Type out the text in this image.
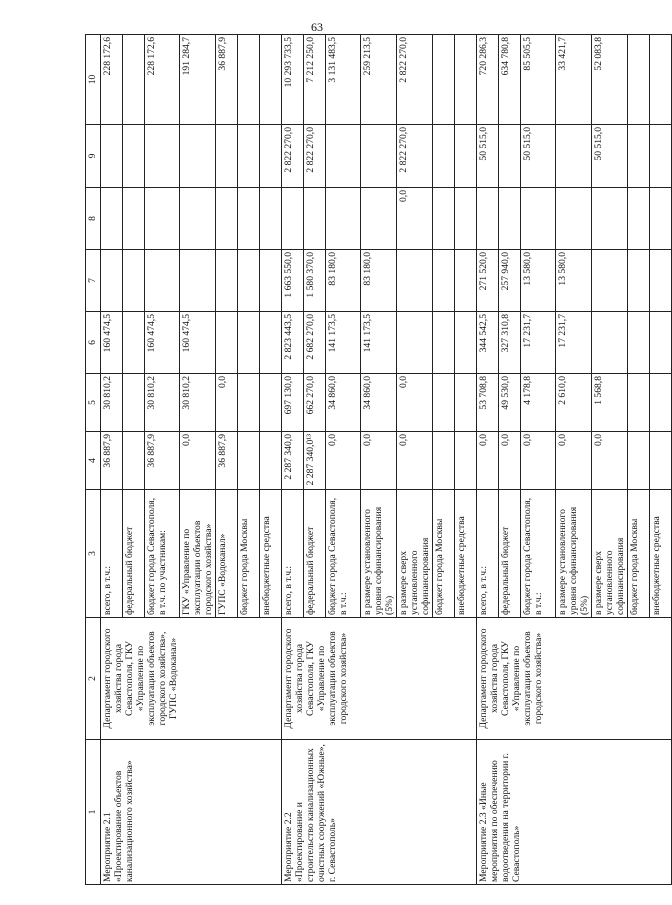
63
1	2	3	4	5	6	7	8	9	10
Мероприятие 2.1 «Проектирование объектов канализационного хозяйства»	Департамент городского хозяйства города Севастополя, ГКУ «Управление по эксплуатации объектов городского хозяйства», ГУПС «Водоканал»	всего, в т.ч.:	36 887,9	30 810,2	160 474,5				228 172,6
		федеральный бюджет							
		бюджет города Севастополя, в т.ч. по участникам:	36 887,9	30 810,2	160 474,5				228 172,6
		ГКУ «Управление по эксплуатации объектов городского хозяйства»	0,0	30 810,2	160 474,5				191 284,7
		ГУПС «Водоканал»	36 887,9	0,0					36 887,9
		бюджет города Москвы							
		внебюджетные средства							
Мероприятие 2.2 «Проектирование и строительство канализационных очистных сооружений «Южные», г. Севастополь»	Департамент городского хозяйства города Севастополя, ГКУ «Управление по эксплуатации объектов городского хозяйства»	всего, в т.ч.:	2 287 340,0	697 130,0	2 823 443,5	1 663 550,0		2 822 270,0	10 293 733,5
		федеральный бюджет	2 287 340,0¹³	662 270,0	2 682 270,0	1 580 370,0		2 822 270,0	7 212 250,0
		бюджет города Севастополя, в т.ч.:	0,0	34 860,0	141 173,5	83 180,0			3 131 483,5
		в размере установленного уровня софинансирования (5%)	0,0	34 860,0	141 173,5	83 180,0			259 213,5
		в размере сверх установленного софинансирования	0,0	0,0			0,0	2 822 270,0	2 822 270,0
		бюджет города Москвы							
		внебюджетные средства							
Мероприятие 2.3 «Иные мероприятия по обеспечению водоотведения на территории г. Севастополь»	Департамент городского хозяйства города Севастополя, ГКУ «Управление по эксплуатации объектов городского хозяйства»	всего, в т.ч.:	0,0	53 708,8	344 542,5	271 520,0		50 515,0	720 286,3
		федеральный бюджет	0,0	49 530,0	327 310,8	257 940,0			634 780,8
		бюджет города Севастополя, в т.ч.:	0,0	4 178,8	17 231,7	13 580,0		50 515,0	85 505,5
		в размере установленного уровня софинансирования (5%)	0,0	2 610,0	17 231,7	13 580,0			33 421,7
		в размере сверх установленного софинансирования	0,0	1 568,8				50 515,0	52 083,8
		бюджет города Москвы							
		внебюджетные средства							
